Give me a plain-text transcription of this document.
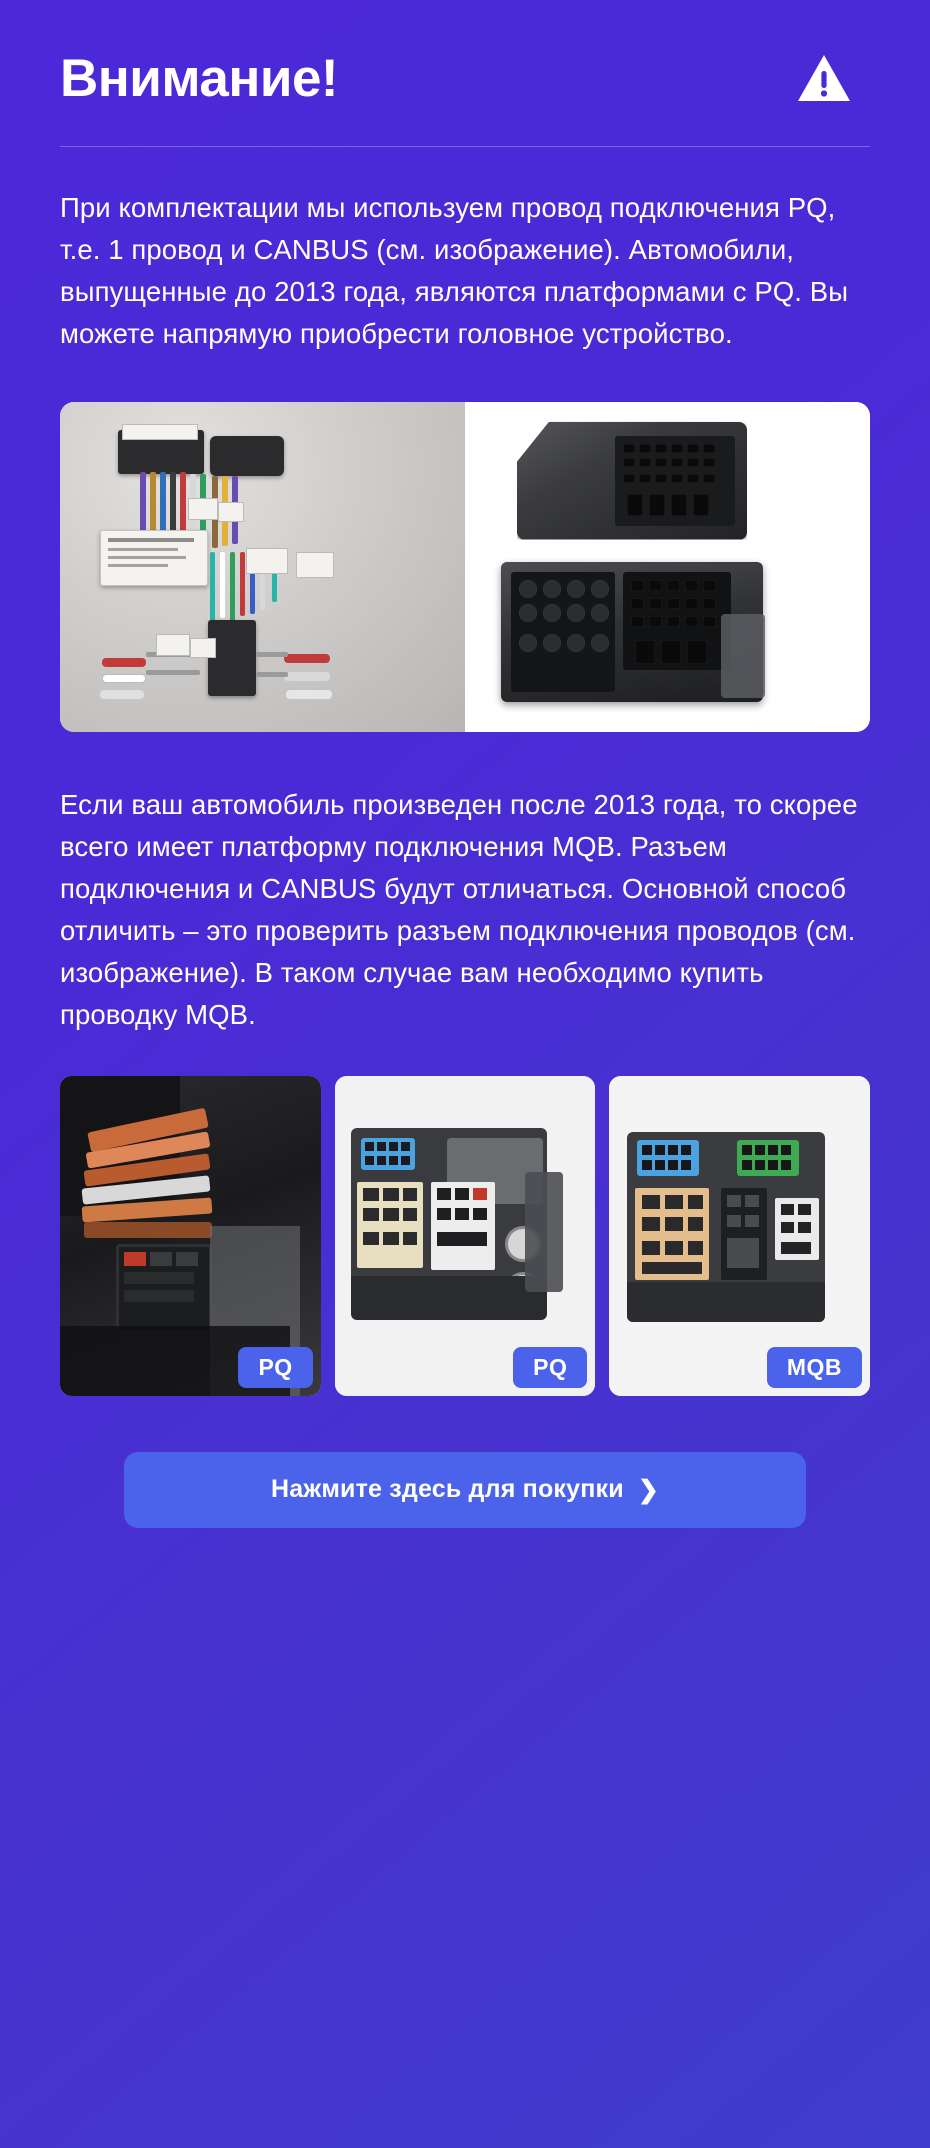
Внимание!
При комплектации мы используем провод подключения PQ, т.е. 1 провод и CANBUS (см. изображение). Автомобили, выпущенные до 2013 года, являются платформами с PQ. Вы можете напрямую приобрести головное устройство.
Если ваш автомобиль произведен после 2013 года, то скорее всего имеет платформу подключения MQB. Разъем подключения и CANBUS будут отличаться. Основной способ отличить – это проверить разъем подключения проводов (см. изображение). В таком случае вам необходимо купить проводку MQB.
PQ	PQ	MQB
Нажмите здесь для покупки ❯
